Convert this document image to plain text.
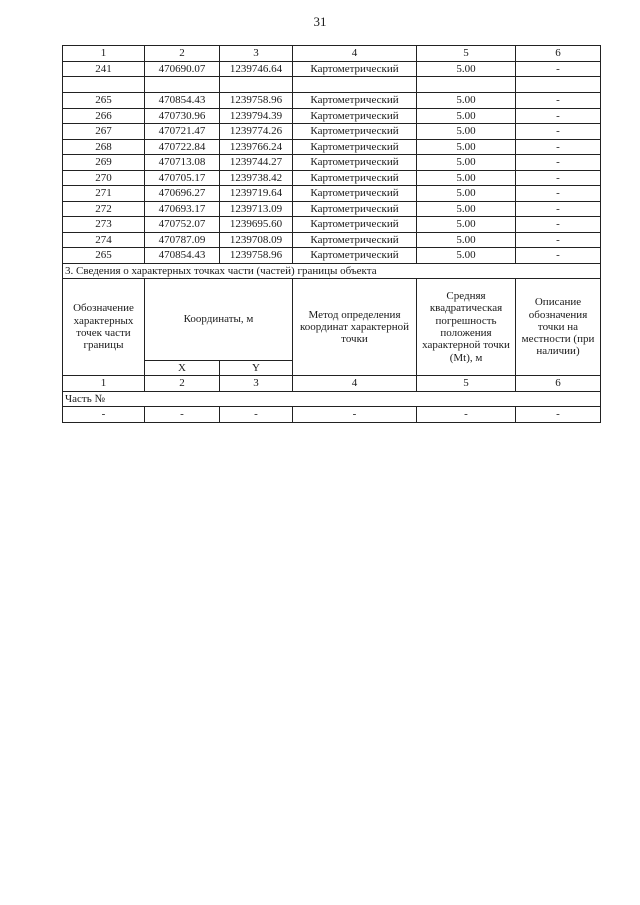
31
1	2	3	4	5	6
241	470690.07	1239746.64	Картометрический	5.00	-

265	470854.43	1239758.96	Картометрический	5.00	-
266	470730.96	1239794.39	Картометрический	5.00	-
267	470721.47	1239774.26	Картометрический	5.00	-
268	470722.84	1239766.24	Картометрический	5.00	-
269	470713.08	1239744.27	Картометрический	5.00	-
270	470705.17	1239738.42	Картометрический	5.00	-
271	470696.27	1239719.64	Картометрический	5.00	-
272	470693.17	1239713.09	Картометрический	5.00	-
273	470752.07	1239695.60	Картометрический	5.00	-
274	470787.09	1239708.09	Картометрический	5.00	-
265	470854.43	1239758.96	Картометрический	5.00	-
3. Сведения о характерных точках части (частей) границы объекта					
Обозначение характерных точек части границы	Координаты, м		Метод определения координат характерной точки	Средняя квадратическая погрешность положения характерной точки (Mt), м	Описание обозначения точки на местности (при наличии)
	X	Y			
1	2	3	4	5	6
Часть №					
-	-	-	-	-	-
